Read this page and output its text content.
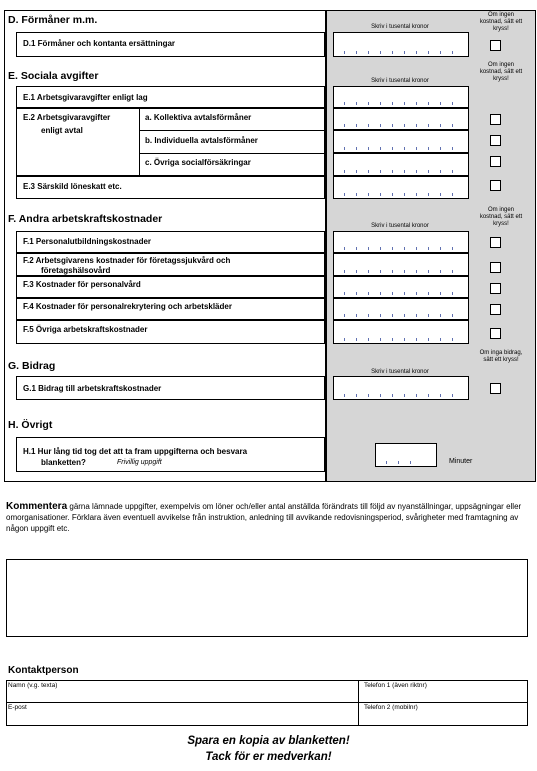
D. Förmåner m.m.
Skriv i tusental kronor
Om ingen kostnad, sätt ett kryss!
D.1 Förmåner och kontanta ersättningar
E. Sociala avgifter	Skriv i tusental kronor
Om ingen kostnad, sätt ett kryss!
E.1 Arbetsgivaravgifter enligt lag
E.2 Arbetsgivaravgifter
enligt avtal
a. Kollektiva avtalsförmåner
b. Individuella avtalsförmåner
c. Övriga socialförsäkringar
E.3 Särskild löneskatt etc.
F. Andra arbetskraftskostnader
Skriv i tusental kronor
Om ingen kostnad, sätt ett kryss!
F.1 Personalutbildningskostnader
F.2 Arbetsgivarens kostnader för företagssjukvård och
företagshälsovård
F.3 Kostnader för personalvård
F.4 Kostnader för personalrekrytering och arbetskläder
F.5 Övriga arbetskraftskostnader
G. Bidrag	Skriv i tusental kronor
Om inga bidrag, sätt ett kryss!
G.1 Bidrag till arbetskraftskostnader
H. Övrigt
H.1 Hur lång tid tog det att ta fram uppgifterna och besvara
blanketten?	Frivillig uppgift	Minuter
Kommentera gärna lämnade uppgifter, exempelvis om löner och/eller antal anställda förändrats till följd av nyanställningar, uppsägningar eller omorganisationer. Förklara även eventuell avvikelse från instruktion, anledning till avvikande redovisningsperiod, svårigheter med framtagning av någon uppgift etc.
Kontaktperson
Namn (v.g. texta)	Telefon 1 (även riktnr)
E-post	Telefon 2 (mobilnr)
Spara en kopia av blanketten!
Tack för er medverkan!
